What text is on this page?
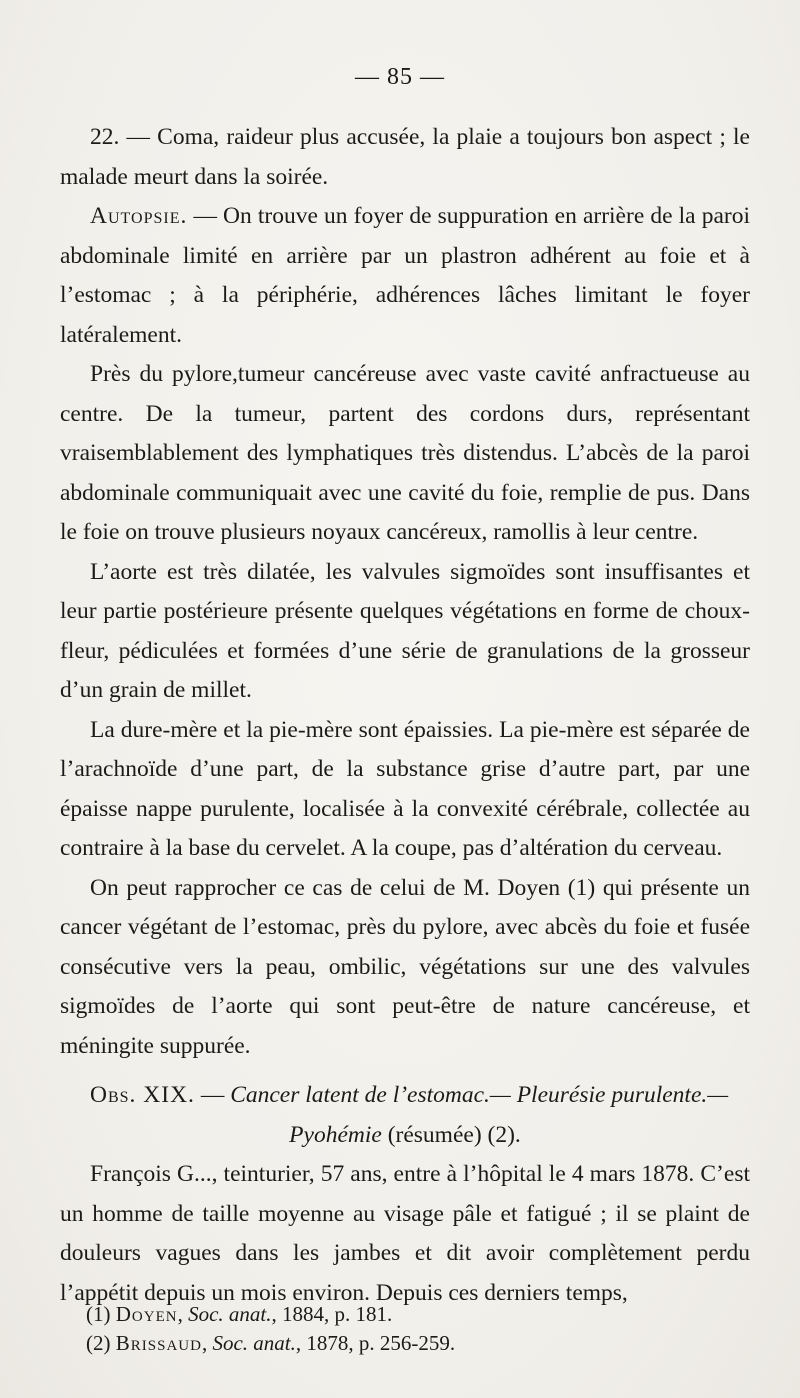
— 85 —

22. — Coma, raideur plus accusée, la plaie a toujours bon aspect ; le malade meurt dans la soirée.

Autopsie. — On trouve un foyer de suppuration en arrière de la paroi abdominale limité en arrière par un plastron adhérent au foie et à l’estomac ; à la périphérie, adhérences lâches limitant le foyer latéralement.

Près du pylore,tumeur cancéreuse avec vaste cavité anfractueuse au centre. De la tumeur, partent des cordons durs, représentant vraisemblablement des lymphatiques très distendus. L’abcès de la paroi abdominale communiquait avec une cavité du foie, remplie de pus. Dans le foie on trouve plusieurs noyaux cancéreux, ramollis à leur centre.

L’aorte est très dilatée, les valvules sigmoïdes sont insuffisantes et leur partie postérieure présente quelques végétations en forme de choux-fleur, pédiculées et formées d’une série de granulations de la grosseur d’un grain de millet.

La dure-mère et la pie-mère sont épaissies. La pie-mère est séparée de l’arachnoïde d’une part, de la substance grise d’autre part, par une épaisse nappe purulente, localisée à la convexité cérébrale, collectée au contraire à la base du cervelet. A la coupe, pas d’altération du cerveau.

On peut rapprocher ce cas de celui de M. Doyen (1) qui présente un cancer végétant de l’estomac, près du pylore, avec abcès du foie et fusée consécutive vers la peau, ombilic, végétations sur une des valvules sigmoïdes de l’aorte qui sont peut-être de nature cancéreuse, et méningite suppurée.

Obs. XIX. — Cancer latent de l’estomac.— Pleurésie purulente.—

Pyohémie (résumée) (2).

François G..., teinturier, 57 ans, entre à l’hôpital le 4 mars 1878. C’est un homme de taille moyenne au visage pâle et fatigué ; il se plaint de douleurs vagues dans les jambes et dit avoir complètement perdu l’appétit depuis un mois environ. Depuis ces derniers temps,

(1) Doyen, Soc. anat., 1884, p. 181.

(2) Brissaud, Soc. anat., 1878, p. 256-259.
